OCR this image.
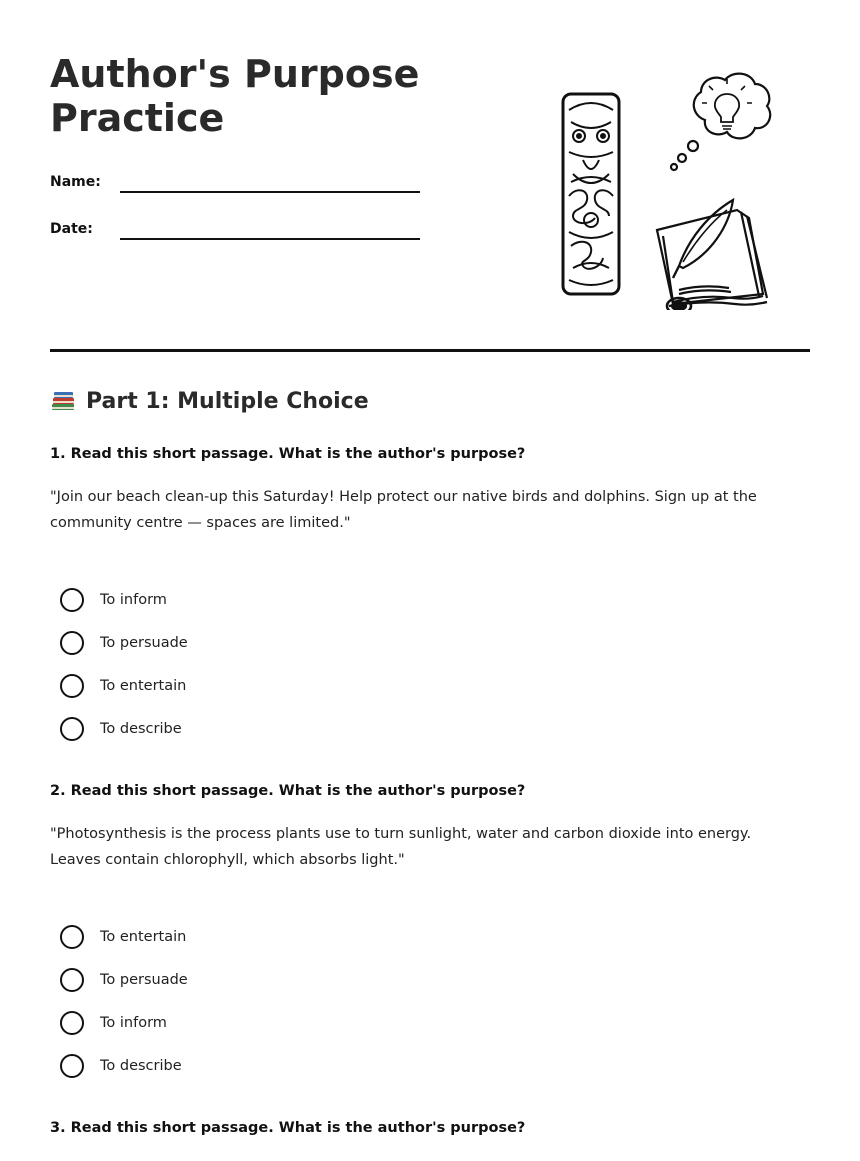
Author's Purpose
Practice
Name:
Date:
Part 1: Multiple Choice

1. Read this short passage. What is the author's purpose?

"Join our beach clean-up this Saturday! Help protect our native birds and dolphins. Sign up at the community centre — spaces are limited."

To inform
To persuade
To entertain
To describe

2. Read this short passage. What is the author's purpose?

"Photosynthesis is the process plants use to turn sunlight, water and carbon dioxide into energy. Leaves contain chlorophyll, which absorbs light."

To entertain
To persuade
To inform
To describe

3. Read this short passage. What is the author's purpose?
